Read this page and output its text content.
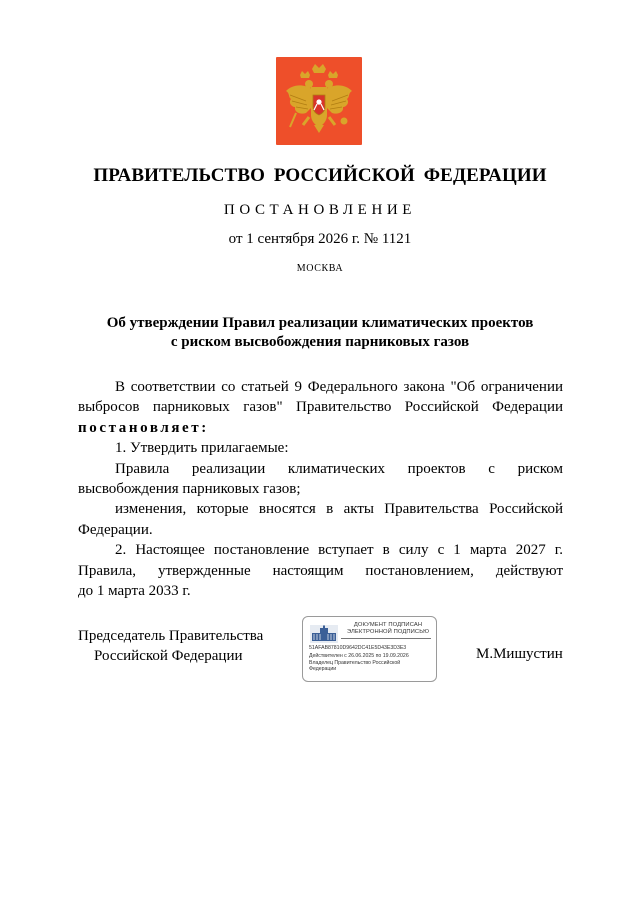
ПРАВИТЕЛЬСТВО РОССИЙСКОЙ ФЕДЕРАЦИИ
ПОСТАНОВЛЕНИЕ
от 1 сентября 2026 г. № 1121
МОСКВА
Об утверждении Правил реализации климатических проектов
с риском высвобождения парниковых газов

В соответствии со статьей 9 Федерального закона "Об ограничении

выбросов парниковых газов" Правительство Российской Федерации

постановляет:

1. Утвердить прилагаемые:

Правила реализации климатических проектов с риском

высвобождения парниковых газов;

изменения, которые вносятся в акты Правительства Российской

Федерации.

2. Настоящее постановление вступает в силу с 1 марта 2027 г.

Правила, утвержденные настоящим постановлением, действуют

до 1 марта 2033 г.

Председатель Правительства
Российской Федерации
ДОКУМЕНТ ПОДПИСАН
ЭЛЕКТРОННОЙ ПОДПИСЬЮ
51AFAB87810D9642DC41E5D43E3D3E3
Действителен с 26.06.2025 по 19.09.2026
Владелец Правительство Российской
Федерации
М.Мишустин
